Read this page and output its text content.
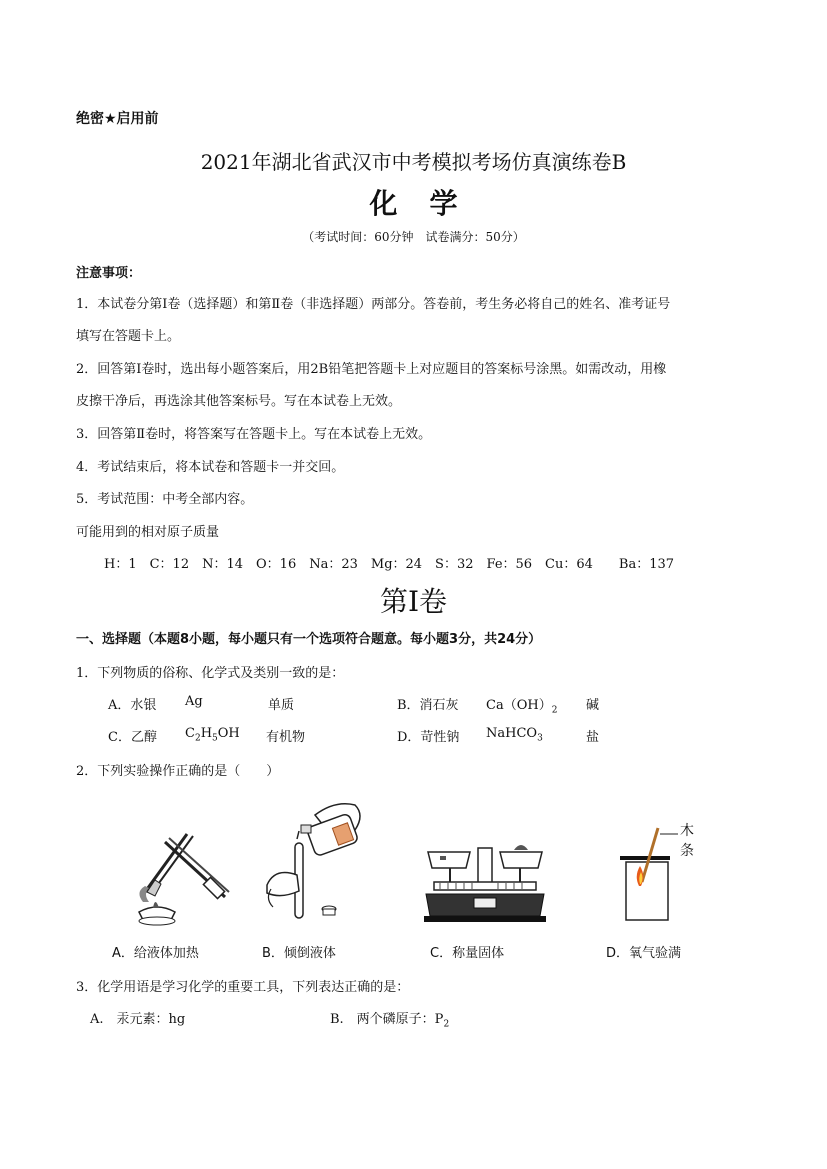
绝密★启用前
2021年湖北省武汉市中考模拟考场仿真演练卷B
化学
（考试时间：60分钟　试卷满分：50分）
注意事项：
1．本试卷分第Ⅰ卷（选择题）和第Ⅱ卷（非选择题）两部分。答卷前，考生务必将自己的姓名、准考证号
填写在答题卡上。
2．回答第Ⅰ卷时，选出每小题答案后，用2B铅笔把答题卡上对应题目的答案标号涂黑。如需改动，用橡
皮擦干净后，再选涂其他答案标号。写在本试卷上无效。
3．回答第Ⅱ卷时，将答案写在答题卡上。写在本试卷上无效。
4．考试结束后，将本试卷和答题卡一并交回。
5．考试范围：中考全部内容。
可能用到的相对原子质量
H：1　C：12　N：14　O：16　Na：23　Mg：24　S：32　Fe：56　Cu：64　　Ba：137
第Ⅰ卷
一、选择题（本题8小题，每小题只有一个选项符合题意。每小题3分，共24分）
1．下列物质的俗称、化学式及类别一致的是：
A．水银 Ag	单质	B．消石灰 $Ca(OH)_2$ 碱
C．乙醇 $C_2H_5OH$ 有机物	D．苛性钠 NaHCO$_3$	盐
2．下列实验操作正确的是（　　）
木
条
A．给液体加热	B．倾倒液体	C．称量固体	D．氧气验满
3．化学用语是学习化学的重要工具，下列表达正确的是：
A.　汞元素：hg	B.　两个磷原子：$P_2$
